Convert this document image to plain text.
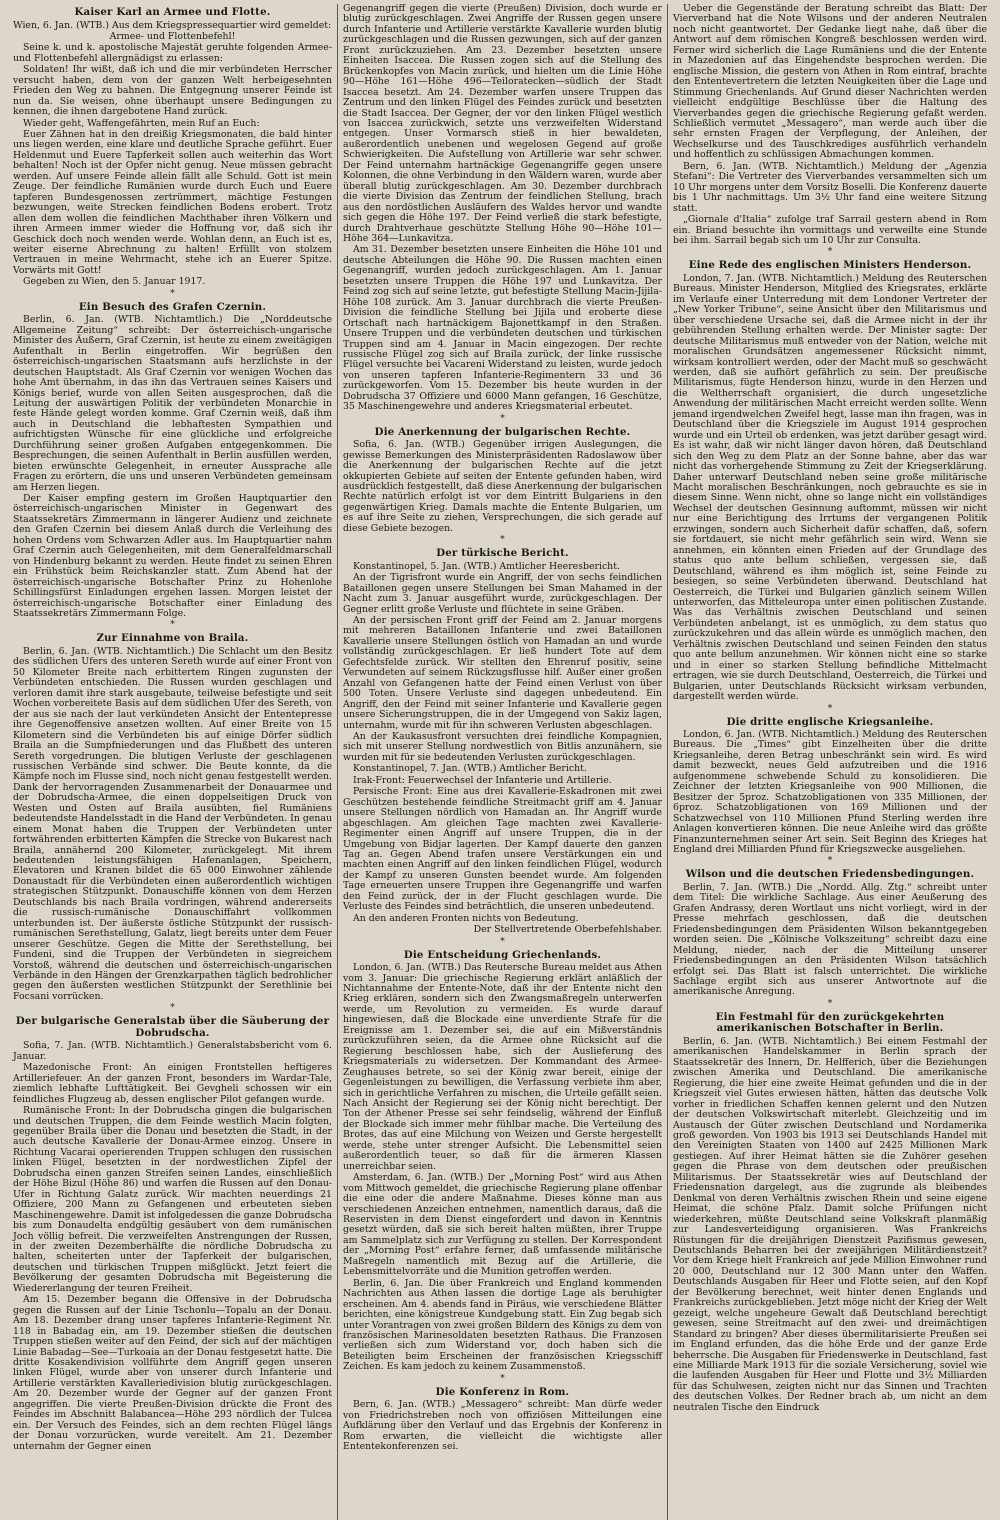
Kaiser Karl an Armee und Flotte.

Wien, 6. Jan. (WTB.) Aus dem Kriegspressequartier wird gemeldet:

Armee- und Flottenbefehl!

Seine k. und k. apostolische Majestät geruhte folgenden Armee- und Flottenbefehl allergnädigst zu erlassen:

Soldaten! Ihr wißt, daß ich und die mir verbündeten Herrscher versucht haben, dem von der ganzen Welt herbeigesehnten Frieden den Weg zu bahnen. Die Entgegnung unserer Feinde ist nun da. Sie weisen, ohne überhaupt unsere Bedingungen zu kennen, die ihnen dargebotene Hand zurück.

Wieder geht, Waffengefährten, mein Ruf an Euch:

Euer Zähnen hat in den dreißig Kriegsmonaten, die bald hinter uns liegen werden, eine klare und deutliche Sprache geführt. Euer Heldenmut und Euere Tapferkeit sollen auch weiterhin das Wort behalten! Noch ist der Opfer nicht genug. Neue müssen gebracht werden. Auf unsere Feinde allein fällt alle Schuld. Gott ist mein Zeuge. Der feindliche Rumänien wurde durch Euch und Euere tapferen Bundesgenossen zertrümmert, mächtige Festungen bezwungen, weite Strecken feindlichen Bodens erobert. Trotz allen dem wollen die feindlichen Machthaber ihren Völkern und ihren Armeen immer wieder die Hoffnung vor, daß sich ihr Geschick doch noch wenden werde. Wohlan denn, an Euch ist es, weiter eiserne Abrechnung zu halten! Erfüllt von stolzem Vertrauen in meine Wehrmacht, stehe ich an Euerer Spitze. Vorwärts mit Gott!

Gegeben zu Wien, den 5. Januar 1917.

*
Ein Besuch des Grafen Czernin.

Berlin, 6. Jan. (WTB. Nichtamtlich.) Die „Norddeutsche Allgemeine Zeitung“ schreibt: Der österreichisch-ungarische Minister des Äußern, Graf Czernin, ist heute zu einem zweitägigen Aufenthalt in Berlin eingetroffen. Wir begrüßen den österreichisch-ungarischen Staatsmann aufs herzlichste in der deutschen Hauptstadt. Als Graf Czernin vor wenigen Wochen das hohe Amt übernahm, in das ihn das Vertrauen seines Kaisers und Königs berief, wurde von allen Seiten ausgesprochen, daß die Leitung der auswärtigen Politik der verbündeten Monarchie in feste Hände gelegt worden komme. Graf Czernin weiß, daß ihm auch in Deutschland die lebhaftesten Sympathien und aufrichtigsten Wünsche für eine glückliche und erfolgreiche Durchführung seiner großen Aufgaben entgegenkommen. Die Besprechungen, die seinen Aufenthalt in Berlin ausfüllen werden, bieten erwünschte Gelegenheit, in erneuter Aussprache alle Fragen zu erörtern, die uns und unseren Verbündeten gemeinsam am Herzen liegen.

Der Kaiser empfing gestern im Großen Hauptquartier den österreichisch-ungarischen Minister in Gegenwart des Staatssekretärs Zimmermann in längerer Audienz und zeichnete den Grafen Czernin bei diesem Anlaß durch die Verleihung des hohen Ordens vom Schwarzen Adler aus. Im Hauptquartier nahm Graf Czernin auch Gelegenheiten, mit dem Generalfeldmarschall von Hindenburg bekannt zu werden. Heute findet zu seinen Ehren ein Frühstück beim Reichskanzler statt. Zum Abend hat der österreichisch-ungarische Botschafter Prinz zu Hohenlohe Schillingsfürst Einladungen ergehen lassen. Morgen leistet der österreichisch-ungarische Botschafter einer Einladung des Staatssekretärs Zimmermann Folge.

*
Zur Einnahme von Braila.

Berlin, 6. Jan. (WTB. Nichtamtlich.) Die Schlacht um den Besitz des südlichen Ufers des unteren Sereth wurde auf einer Front von 50 Kilometer Breite nach erbittertem Ringen zugunsten der Verbündeten entschieden. Die Russen wurden geschlagen und verloren damit ihre stark ausgebaute, teilweise befestigte und seit Wochen vorbereitete Basis auf dem südlichen Ufer des Sereth, von der aus sie nach der laut verkündeten Ansicht der Ententepresse ihre Gegenoffensive ansetzen wollten. Auf einer Breite von 15 Kilometern sind die Verbündeten bis auf einige Dörfer südlich Braila an die Sumpfniederungen und das Flußbett des unteren Sereth vorgedrungen. Die blutigen Verluste der geschlagenen russischen Verbände sind schwer. Die Beute konnte, da die Kämpfe noch im Flusse sind, noch nicht genau festgestellt werden. Dank der hervorragenden Zusammenarbeit der Donauarmee und der Dobrudscha-Armee, die einen doppelseitigen Druck von Westen und Osten auf Braila ausübten, fiel Rumäniens bedeutendste Handelsstadt in die Hand der Verbündeten. In genau einem Monat haben die Truppen der Verbündeten unter fortwährenden erbitterten Kämpfen die Strecke von Bukarest nach Braila, annähernd 200 Kilometer, zurückgelegt. Mit ihrem bedeutenden leistungsfähigen Hafenanlagen, Speichern, Elevatoren und Kranen bildet die 65 000 Einwohner zählende Donaustadt für die Verbündeten einen außerordentlich wichtigen strategischen Stützpunkt. Donauschiffe können von dem Herzen Deutschlands bis nach Braila vordringen, während andererseits die russisch-rumänische Donauschiffahrt vollkommen unterbunden ist. Der äußerste östliche Stützpunkt der russisch-rumänischen Serethstellung, Galatz, liegt bereits unter dem Feuer unserer Geschütze. Gegen die Mitte der Serethstellung, bei Fundeni, sind die Truppen der Verbündeten in siegreichem Vorstoß, während die deutschen und österreichisch-ungarischen Verbände in den Hängen der Grenzkarpathen täglich bedrohlicher gegen den äußersten westlichen Stützpunkt der Serethlinie bei Focsani vorrücken.

*
Der bulgarische Generalstab über die Säuberung der Dobrudscha.

Sofia, 7. Jan. (WTB. Nichtamtlich.) Generalstabsbericht vom 6. Januar.

Mazedonische Front: An einigen Frontstellen heftigeres Artilleriefeuer. An der ganzen Front, besonders im Wardar-Tale, ziemlich lebhafte Lufttätigkeit. Bei Gevgheli schossen wir ein feindliches Flugzeug ab, dessen englischer Pilot gefangen wurde.

Rumänische Front: In der Dobrudscha gingen die bulgarischen und deutschen Truppen, die dem Feinde westlich Macin folgten, gegenüber Braila über die Donau und besetzten die Stadt, in der auch deutsche Kavallerie der Donau-Armee einzog. Unsere in Richtung Vacarai operierenden Truppen schlugen den russischen linken Flügel, besetzten in der nordwestlichen Zipfel der Dobrudscha einen ganzen Streifen seinen Landes, einschließlich der Höhe Bizul (Höhe 86) und warfen die Russen auf den Donau-Ufer in Richtung Galatz zurück. Wir machten neuerdings 21 Offiziere, 200 Mann zu Gefangenen und erbeuteten sieben Maschinengewehre. Damit ist infolgedessen die ganze Dobrudscha bis zum Donaudelta endgültig gesäubert von dem rumänischen Joch völlig befreit. Die verzweifelten Anstrengungen der Russen, in der zweiten Dezemberhälfte die nördliche Dobrudscha zu halten, scheiterten unter der Tapferkeit der bulgarischen, deutschen und türkischen Truppen mißglückt. Jetzt feiert die Bevölkerung der gesamten Dobrudscha mit Begeisterung die Wiedererlangung der teuren Freiheit.

Am 15. Dezember begann die Offensive in der Dobrudscha gegen die Russen auf der Linie Tschonlu—Topalu an der Donau. Am 18. Dezember drang unser tapferes Infanterie-Regiment Nr. 118 in Babadag ein, am 19. Dezember stießen die deutschen Truppen stießen weiter auf den Feind, der sich auf der mächtigen Linie Babadag—See—Turkoaia an der Donau festgesetzt hatte. Die dritte Kosakendivision vollführte dem Angriff gegen unseren linken Flügel, wurde aber von unserer durch Infanterie und Artillerie verstärkten Kavalleriedivision blutig zurückgeschlagen. Am 20. Dezember wurde der Gegner auf der ganzen Front angegriffen. Die vierte Preußen-Division drückte die Front des Feindes im Abschnitt Balabancea—Höhe 293 nördlich der Tulcea ein. Der Versuch des Feindes, sich an dem rechten Flügel längs der Donau vorzurücken, wurde vereitelt. Am 21. Dezember unternahm der Gegner einen

Gegenangriff gegen die vierte (Preußen) Division, doch wurde er blutig zurückgeschlagen. Zwei Angriffe der Russen gegen unsere durch Infanterie und Artillerie verstärkte Kavallerie wurden blutig zurückgeschlagen und die Russen gezwungen, sich auf der ganzen Front zurückzuziehen. Am 23. Dezember besetzten unsere Einheiten Isaccea. Die Russen zogen sich auf die Stellung des Brückenkopfes von Macin zurück, und hielten um die Linie Höhe 90—Höhe 161—Höhe 496—Teiloratecken—südlich der Stadt Isaccea besetzt. Am 24. Dezember warfen unsere Truppen das Zentrum und den linken Flügel des Feindes zurück und besetzten die Stadt Isaccea. Der Gegner, der vor den linken Flügel westlich von Isaccea zurückwich, setzte uns verzweifelten Widerstand entgegen. Unser Vormarsch stieß in hier bewaldeten, außerordentlich unebenen und wegelosen Gegend auf große Schwierigkeiten. Die Aufstellung von Artillerie war sehr schwer. Der Feind unternahm hartnäckige Gegenangriffe gegen unsere Kolonnen, die ohne Verbindung in den Wäldern waren, wurde aber überall blutig zurückgeschlagen. Am 30. Dezember durchbrach die vierte Division das Zentrum der feindlichen Stellung, brach aus den nordöstlichen Ausläufern des Waldes hervor und wandte sich gegen die Höhe 197. Der Feind verließ die stark befestigte, durch Drahtverhaue geschützte Stellung Höhe 90—Höhe 101—Höhe 364—Lunkavitza.

Am 31. Dezember besetzten unsere Einheiten die Höhe 101 und deutsche Abteilungen die Höhe 90. Die Russen machten einen Gegenangriff, wurden jedoch zurückgeschlagen. Am 1. Januar besetzten unsere Truppen die Höhe 197 und Lunkavitza. Der Feind zog sich auf seine letzte, gut befestigte Stellung Macin-Jijila-Höhe 108 zurück. Am 3. Januar durchbrach die vierte Preußen-Division die feindliche Stellung bei Jijila und eroberte diese Ortschaft nach hartnäckigem Bajonettkampf in den Straßen. Unsere Truppen und die verbündeten deutschen und türkischen Truppen sind am 4. Januar in Macin eingezogen. Der rechte russische Flügel zog sich auf Braila zurück, der linke russische Flügel versuchte bei Vacareni Widerstand zu leisten, wurde jedoch von unseren tapferen Infanterie-Regimentern 33 und 36 zurückgeworfen. Vom 15. Dezember bis heute wurden in der Dobrudscha 37 Offiziere und 6000 Mann gefangen, 16 Geschütze, 35 Maschinengewehre und anderes Kriegsmaterial erbeutet.

*
Die Anerkennung der bulgarischen Rechte.

Sofia, 6. Jan. (WTB.) Gegenüber irrigen Auslegungen, die gewisse Bemerkungen des Ministerpräsidenten Radoslawow über die Anerkennung der bulgarischen Rechte auf die jetzt okkupierten Gebiete auf seiten der Entente gefunden haben, wird ausdrücklich festgestellt, daß diese Anerkennung der bulgarischen Rechte natürlich erfolgt ist vor dem Eintritt Bulgariens in den gegenwärtigen Krieg. Damals machte die Entente Bulgarien, um es auf ihre Seite zu ziehen, Versprechungen, die sich gerade auf diese Gebiete bezogen.

*
Der türkische Bericht.

Konstantinopel, 5. Jan. (WTB.) Amtlicher Heeresbericht.

An der Tigrisfront wurde ein Angriff, der von sechs feindlichen Bataillonen gegen unsere Stellungen bei Sman Mahamed in der Nacht zum 3. Januar ausgeführt wurde, zurückgeschlagen. Der Gegner erlitt große Verluste und flüchtete in seine Gräben.

An der persischen Front griff der Feind am 2. Januar morgens mit mehreren Bataillonen Infanterie und zwei Bataillonen Kavallerie unsere Stellungen östlich von Hamadan an und wurde vollständig zurückgeschlagen. Er ließ hundert Tote auf dem Gefechtsfelde zurück. Wir stellten den Ehrenruf positiv, seine Verwundeten auf seinem Rückzugsflusse hilf. Außer einer großen Anzahl von Gefangenen hatte der Feind einen Verlust von über 500 Toten. Unsere Verluste sind dagegen unbedeutend. Ein Angriff, den der Feind mit seiner Infanterie und Kavallerie gegen unsere Sicherungstruppen, die in der Umgegend von Sakiz lagen, unternahm, wurde mit für ihn schweren Verlusten abgeschlagen.

An der Kaukasusfront versuchten drei feindliche Kompagnien, sich mit unserer Stellung nordwestlich von Bitlis anzunähern, sie wurden mit für sie bedeutenden Verlusten zurückgeschlagen.

Konstantinopel, 7. Jan. (WTB.) Amtlicher Bericht.

Irak-Front: Feuerwechsel der Infanterie und Artillerie.

Persische Front: Eine aus drei Kavallerie-Eskadronen mit zwei Geschützen bestehende feindliche Streitmacht griff am 4. Januar unsere Stellungen nördlich von Hamadan an. Ihr Angriff wurde abgeschlagen. Am gleichen Tage machten zwei Kavallerie-Regimenter einen Angriff auf unsere Truppen, die in der Umgebung von Bidjar lagerten. Der Kampf dauerte den ganzen Tag an. Gegen Abend trafen unsere Verstärkungen ein und machten einen Angriff auf den linken feindlichen Flügel, wodurch der Kampf zu unseren Gunsten beendet wurde. Am folgenden Tage erneuerten unsere Truppen ihre Gegenangriffe und warfen den Feind zurück, der in der Flucht geschlagen wurde. Die Verluste des Feindes sind beträchtlich, die unseren unbedeutend.

An den anderen Fronten nichts von Bedeutung.

Der Stellvertretende Oberbefehlshaber.

*
Die Entscheidung Griechenlands.

London, 6. Jan. (WTB.) Das Reutersche Bureau meldet aus Athen vom 3. Januar: Die griechische Regierung erklärt anläßlich der Nichtannahme der Entente-Note, daß ihr der Entente nicht den Krieg erklären, sondern sich den Zwangsmaßregeln unterwerfen werde, um Revolution zu vermeiden. Es wurde darauf hingewiesen, daß die Blockade eine unverdiente Strafe für die Ereignisse am 1. Dezember sei, die auf ein Mißverständnis zurückzuführen seien, da die Armee ohne Rücksicht auf die Regierung beschlossen habe, sich der Auslieferung des Kriegsmaterials zu widersetzen. Der Kommandant des Armee-Zeughauses betrete, so sei der König zwar bereit, einige der Gegenleistungen zu bewilligen, die Verfassung verbiete ihm aber, sich in gerichtliche Verfahren zu mischen, die Urteile gefällt seien. Nach Ansicht der Regierung sei der König nicht berechtigt. Der Ton der Athener Presse sei sehr feindselig, während der Einfluß der Blockade sich immer mehr fühlbar mache. Die Verteilung des Brotes, das auf eine Milchung von Weizen und Gerste hergestellt werde, stehe unter strenger Aufsicht. Die Lebensmittel seien außerordentlich teuer, so daß für die ärmeren Klassen unerreichbar seien.

Amsterdam, 6. Jan. (WTB.) Der „Morning Post“ wird aus Athen vom Mittwoch gemeldet, die griechische Regierung plane offenbar die eine oder die andere Maßnahme. Dieses könne man aus verschiedenen Anzeichen entnehmen, namentlich daraus, daß die Reservisten in dem Dienst eingefordert und davon in Kenntnis gesetzt würden, daß sie sich bereit halten müßten, ihrer Truppe am Sammelplatz sich zur Verfügung zu stellen. Der Korrespondent der „Morning Post“ erfahre ferner, daß umfassende militärische Maßregeln namentlich mit Bezug auf die Artillerie, die Lebensmittelvorräte und die Munition getroffen werden.

Berlin, 6. Jan. Die über Frankreich und England kommenden Nachrichten aus Athen lassen die dortige Lage als beruhigter erscheinen. Am 4. abends fand in Piräus, wie verschiedene Blätter berichten, eine königstreue Kundgebung statt. Ein Zug begab sich unter Vorantragen von zwei großen Bildern des Königs zu dem von französischen Marinesoldaten besetzten Rathaus. Die Franzosen verließen sich zum Widerstand vor, doch haben sich die Beteiligten beim Erscheinen der französischen Kriegsschiff Zeichen. Es kam jedoch zu keinem Zusammenstoß.

*
Die Konferenz in Rom.

Bern, 6. Jan. (WTB.) „Messagero“ schreibt: Man dürfe weder von Friedrichstreben noch von offiziösen Mitteilungen eine Aufklärung über den Verlauf und das Ergebnis der Konferenz in Rom erwarten, die vielleicht die wichtigste aller Ententekonferenzen sei.

Ueber die Gegenstände der Beratung schreibt das Blatt: Der Vierverband hat die Note Wilsons und der anderen Neutralen noch nicht geantwortet. Der Gedanke liegt nahe, daß über die Antwort auf dem römischen Kongreß beschlossen werden wird. Ferner wird sicherlich die Lage Rumäniens und die der Entente in Mazedonien auf das Eingehendste besprochen werden. Die englische Mission, die gestern von Athen in Rom eintraf, brachte den Ententevertretern die letzten Neuigkeiten über die Lage und Stimmung Griechenlands. Auf Grund dieser Nachrichten werden vielleicht endgültige Beschlüsse über die Haltung des Vierverbandes gegen die griechische Regierung gefaßt werden. Schließlich vermutet „Messagero“, man werde auch über die sehr ernsten Fragen der Verpflegung, der Anleihen, der Wechselkurse und des Tauschkrediges ausführlich verhandeln und hoffentlich zu schlüssigen Abmachungen kommen.

Bern, 6. Jan. (WTB. Nichtamtlich.) Meldung der „Agenzia Stefani“: Die Vertreter des Vierverbandes versammelten sich um 10 Uhr morgens unter dem Vorsitz Boselli. Die Konferenz dauerte bis 1 Uhr nachmittags. Um 3½ Uhr fand eine weitere Sitzung statt.

„Giornale d'Italia“ zufolge traf Sarrail gestern abend in Rom ein. Briand besuchte ihn vormittags und verweilte eine Stunde bei ihm. Sarrail begab sich um 10 Uhr zur Consulta.

*
Eine Rede des englischen Ministers Henderson.

London, 7. Jan. (WTB. Nichtamtlich.) Meldung des Reuterschen Bureaus. Minister Henderson, Mitglied des Kriegsrates, erklärte im Verlaufe einer Unterredung mit dem Londoner Vertreter der „New Yorker Tribune“, seine Ansicht über den Militarismus und über verschiedene Ursache sei, daß die Armee nicht in der ihr gebührenden Stellung erhalten werde. Der Minister sagte: Der deutsche Militarismus muß entweder von der Nation, welche mit moralischen Grundsätzen angemessener Rücksicht nimmt, wirksam kontrolliert werden, oder der Macht muß so geschwächt werden, daß sie aufhört gefährlich zu sein. Der preußische Militarismus, fügte Henderson hinzu, wurde in den Herzen und die Weltherrschaft organisiert, die durch ungesetzliche Anwendung der militärischen Macht erreicht werden sollte. Wenn jemand irgendwelchen Zweifel hegt, lasse man ihn fragen, was in Deutschland über die Kriegsziele im August 1914 gesprochen wurde und ein Urteil ob erdenken, was jetzt darüber gesagt wird. Es ist wahr, daß wir nicht länger davon hören, daß Deutschland sich den Weg zu dem Platz an der Sonne bahne, aber das war nicht das vorhergehende Stimmung zu Zeit der Kriegserklärung. Daher unterwarf Deutschland neben seine große militärische Macht moralischen Beschränkungen, noch gebrauchte es sie in diesem Sinne. Wenn nicht, ohne so lange nicht ein vollständiges Wechsel der deutschen Gesinnung auftommt, müssen wir nicht nur eine Berichtigung des Irrtums der vergangenen Politik erzwingen, sondern auch Sicherheit dafür schaffen, daß, sofern sie fortdauert, sie nicht mehr gefährlich sein wird. Wenn sie annehmen, ein könnten einen Frieden auf der Grundlage des status quo ante bellum schließen, vergessen sie, daß Deutschland, während es ihm möglich ist, seine Feinde zu besiegen, so seine Verbündeten überwand. Deutschland hat Oesterreich, die Türkei und Bulgarien gänzlich seinem Willen unterworfen, das Mitteleuropa unter einen politischen Zustande. Was das Verhältnis zwischen Deutschland und seinen Verbündeten anbelangt, ist es unmöglich, zu dem status quo zurückzukehren und das allein würde es unmöglich machen, den Verhältnis zwischen Deutschland und seinen Feinden den status quo ante bellum anzunehmen. Wir können nicht eine so starke und in einer so starken Stellung befindliche Mittelmacht ertragen, wie sie durch Deutschland, Oesterreich, die Türkei und Bulgarien, unter Deutschlands Rücksicht wirksam verbunden, dargestellt werden würde.

*
Die dritte englische Kriegsanleihe.

London, 6. Jan. (WTB. Nichtamtlich.) Meldung des Reuterschen Bureaus. Die „Times“ gibt Einzelheiten über die dritte Kriegsanleihe, deren Betrag unbeschränkt sein wird. Es wird damit bezweckt, neues Geld aufzutreiben und die 1916 aufgenommene schwebende Schuld zu konsolidieren. Die Zeichner der letzten Kriegsanleihe von 900 Millionen, die Besitzer der 5proz. Schatzobligationen von 335 Millionen, der 6proz. Schatzobligationen von 169 Millionen und der Schatzwechsel von 110 Millionen Pfund Sterling werden ihre Anlagen konvertieren können. Die neue Anleihe wird das größte Finanzunternehmen seiner Art sein. Seit Beginn des Krieges hat England drei Milliarden Pfund für Kriegszwecke ausgeliehen.

*
Wilson und die deutschen Friedensbedingungen.

Berlin, 7. Jan. (WTB.) Die „Nordd. Allg. Ztg.“ schreibt unter dem Titel: Die wirkliche Sachlage. Aus einer Aeußerung des Grafen Andrassy, deren Wortlaut uns nicht vorliegt, wird in der Presse mehrfach geschlossen, daß die deutschen Friedensbedingungen dem Präsidenten Wilson bekanntgegeben worden seien. Die „Kölnische Volkszeitung“ schreibt dazu eine Meldung, nieder, nach der die Mitteilung unserer Friedensbedingungen an den Präsidenten Wilson tatsächlich erfolgt sei. Das Blatt ist falsch unterrichtet. Die wirkliche Sachlage ergibt sich aus unserer Antwortnote auf die amerikanische Anregung.

*
Ein Festmahl für den zurückgekehrten amerikanischen Botschafter in Berlin.

Berlin, 6. Jan. (WTB. Nichtamtlich.) Bei einem Festmahl der amerikanischen Handelskammer in Berlin sprach der Staatssekretär des Innern, Dr. Helfferich, über die Beziehungen zwischen Amerika und Deutschland. Die amerikanische Regierung, die hier eine zweite Heimat gefunden und die in der Kriegszeit viel Gutes erwiesen hätten, hätten das deutsche Volk vorher in friedlichen Schaffen kennen gelernt und den Nutzen der deutschen Volkswirtschaft miterlebt. Gleichzeitig und im Austausch der Güter zwischen Deutschland und Nordamerika groß geworden. Von 1903 bis 1913 sei Deutschlands Handel mit den Vereinigten Staaten von 1400 auf 2425 Millionen Mark gestiegen. Auf ihrer Heimat hätten sie die Zuhörer gesehen gegen die Phrase von dem deutschen oder preußischen Militarismus. Der Staatssekretär wies auf Deutschland der Friedensnation dargelegt, aus die zugrunde als bleibendes Denkmal von deren Verhältnis zwischen Rhein und seine eigene Heimat, die schöne Pfalz. Damit solche Prüfungen nicht wiederkehren, müßte Deutschland seine Volkskraft planmäßig zur Landesverteidigung organisieren. Was Frankreichs Rüstungen für die dreijährigen Dienstzeit Pazifismus gewesen, Deutschlands Beharren bei der zweijährigen Militärdienstzeit? Vor dem Kriege hielt Frankreich auf jede Million Einwohner rund 20 000, Deutschland nur 12 300 Mann unter den Waffen. Deutschlands Ausgaben für Heer und Flotte seien, auf den Kopf der Bevölkerung berechnet, weit hinter denen Englands und Frankreichs zurückgeblieben. Jetzt möge nicht der Krieg der Welt gezeigt, welche ungeheure Gewalt daß Deutschland berechtigt gewesen, seine Streitmacht auf den zwei- und dreimächtigen Standard zu bringen? Aber dieses übermilitarisierte Preußen sei im England erfunden, das die höhe Erde und der ganze Erde beherrsche. Die Ausgaben für Friedenswerke in Deutschland, fast eine Milliarde Mark 1913 für die soziale Versicherung, soviel wie die laufenden Ausgaben für Heer und Flotte und 3½ Milliarden für das Schulwesen, zeigten nicht nur das Sinnen und Trachten des deutschen Volkes. Der Redner brach ab, um nicht an dem neutralen Tische den Eindruck
